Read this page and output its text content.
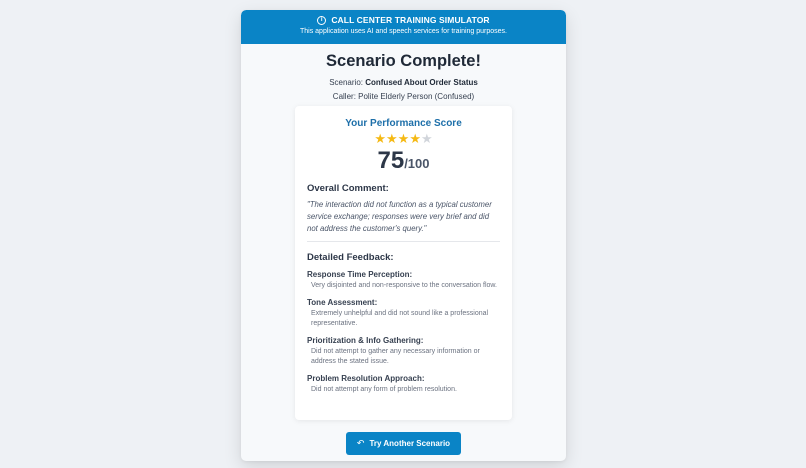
i	CALL CENTER TRAINING SIMULATOR
This application uses AI and speech services for training purposes.
Scenario Complete!
Scenario: Confused About Order Status
Caller: Polite Elderly Person (Confused)
Your Performance Score
★★★★★
75/100
Overall Comment:
"The interaction did not function as a typical customer service exchange; responses were very brief and did not address the customer's query."
Detailed Feedback:
Response Time Perception:
Very disjointed and non-responsive to the conversation flow.
Tone Assessment:
Extremely unhelpful and did not sound like a professional representative.
Prioritization & Info Gathering:
Did not attempt to gather any necessary information or address the stated issue.
Problem Resolution Approach:
Did not attempt any form of problem resolution.
↶ Try Another Scenario
